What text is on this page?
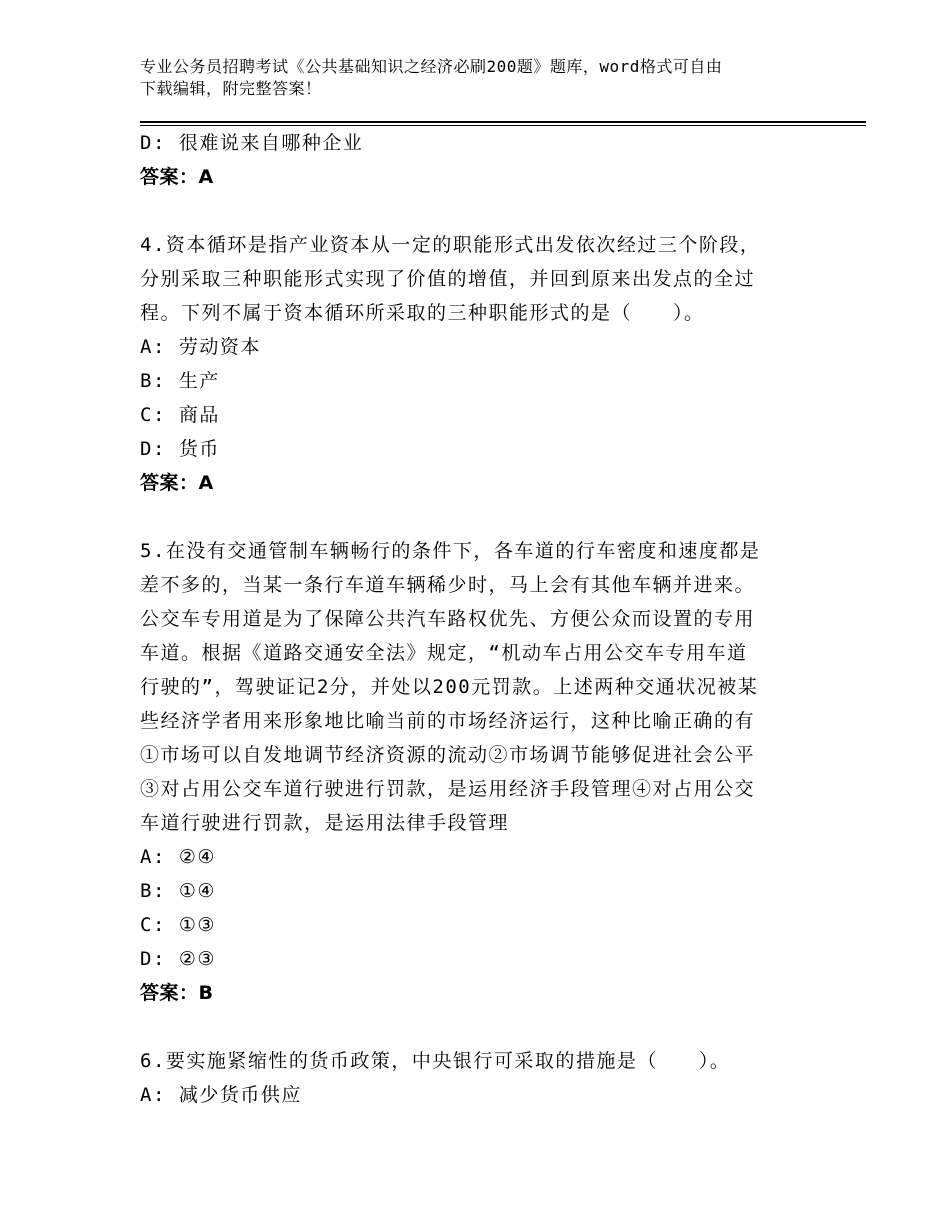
专业公务员招聘考试《公共基础知识之经济必刷200题》题库，word格式可自由
下载编辑，附完整答案！
D: 很难说来自哪种企业
答案：A
4.资本循环是指产业资本从一定的职能形式出发依次经过三个阶段，
分别采取三种职能形式实现了价值的增值，并回到原来出发点的全过
程。下列不属于资本循环所采取的三种职能形式的是（　　）。
A: 劳动资本
B: 生产
C: 商品
D: 货币
答案：A
5.在没有交通管制车辆畅行的条件下，各车道的行车密度和速度都是
差不多的，当某一条行车道车辆稀少时，马上会有其他车辆并进来。
公交车专用道是为了保障公共汽车路权优先、方便公众而设置的专用
车道。根据《道路交通安全法》规定，“机动车占用公交车专用车道
行驶的”，驾驶证记2分，并处以200元罚款。上述两种交通状况被某
些经济学者用来形象地比喻当前的市场经济运行，这种比喻正确的有
①市场可以自发地调节经济资源的流动②市场调节能够促进社会公平
③对占用公交车道行驶进行罚款，是运用经济手段管理④对占用公交
车道行驶进行罚款，是运用法律手段管理
A: ②④
B: ①④
C: ①③
D: ②③
答案：B
6.要实施紧缩性的货币政策，中央银行可采取的措施是（　　）。
A: 减少货币供应
